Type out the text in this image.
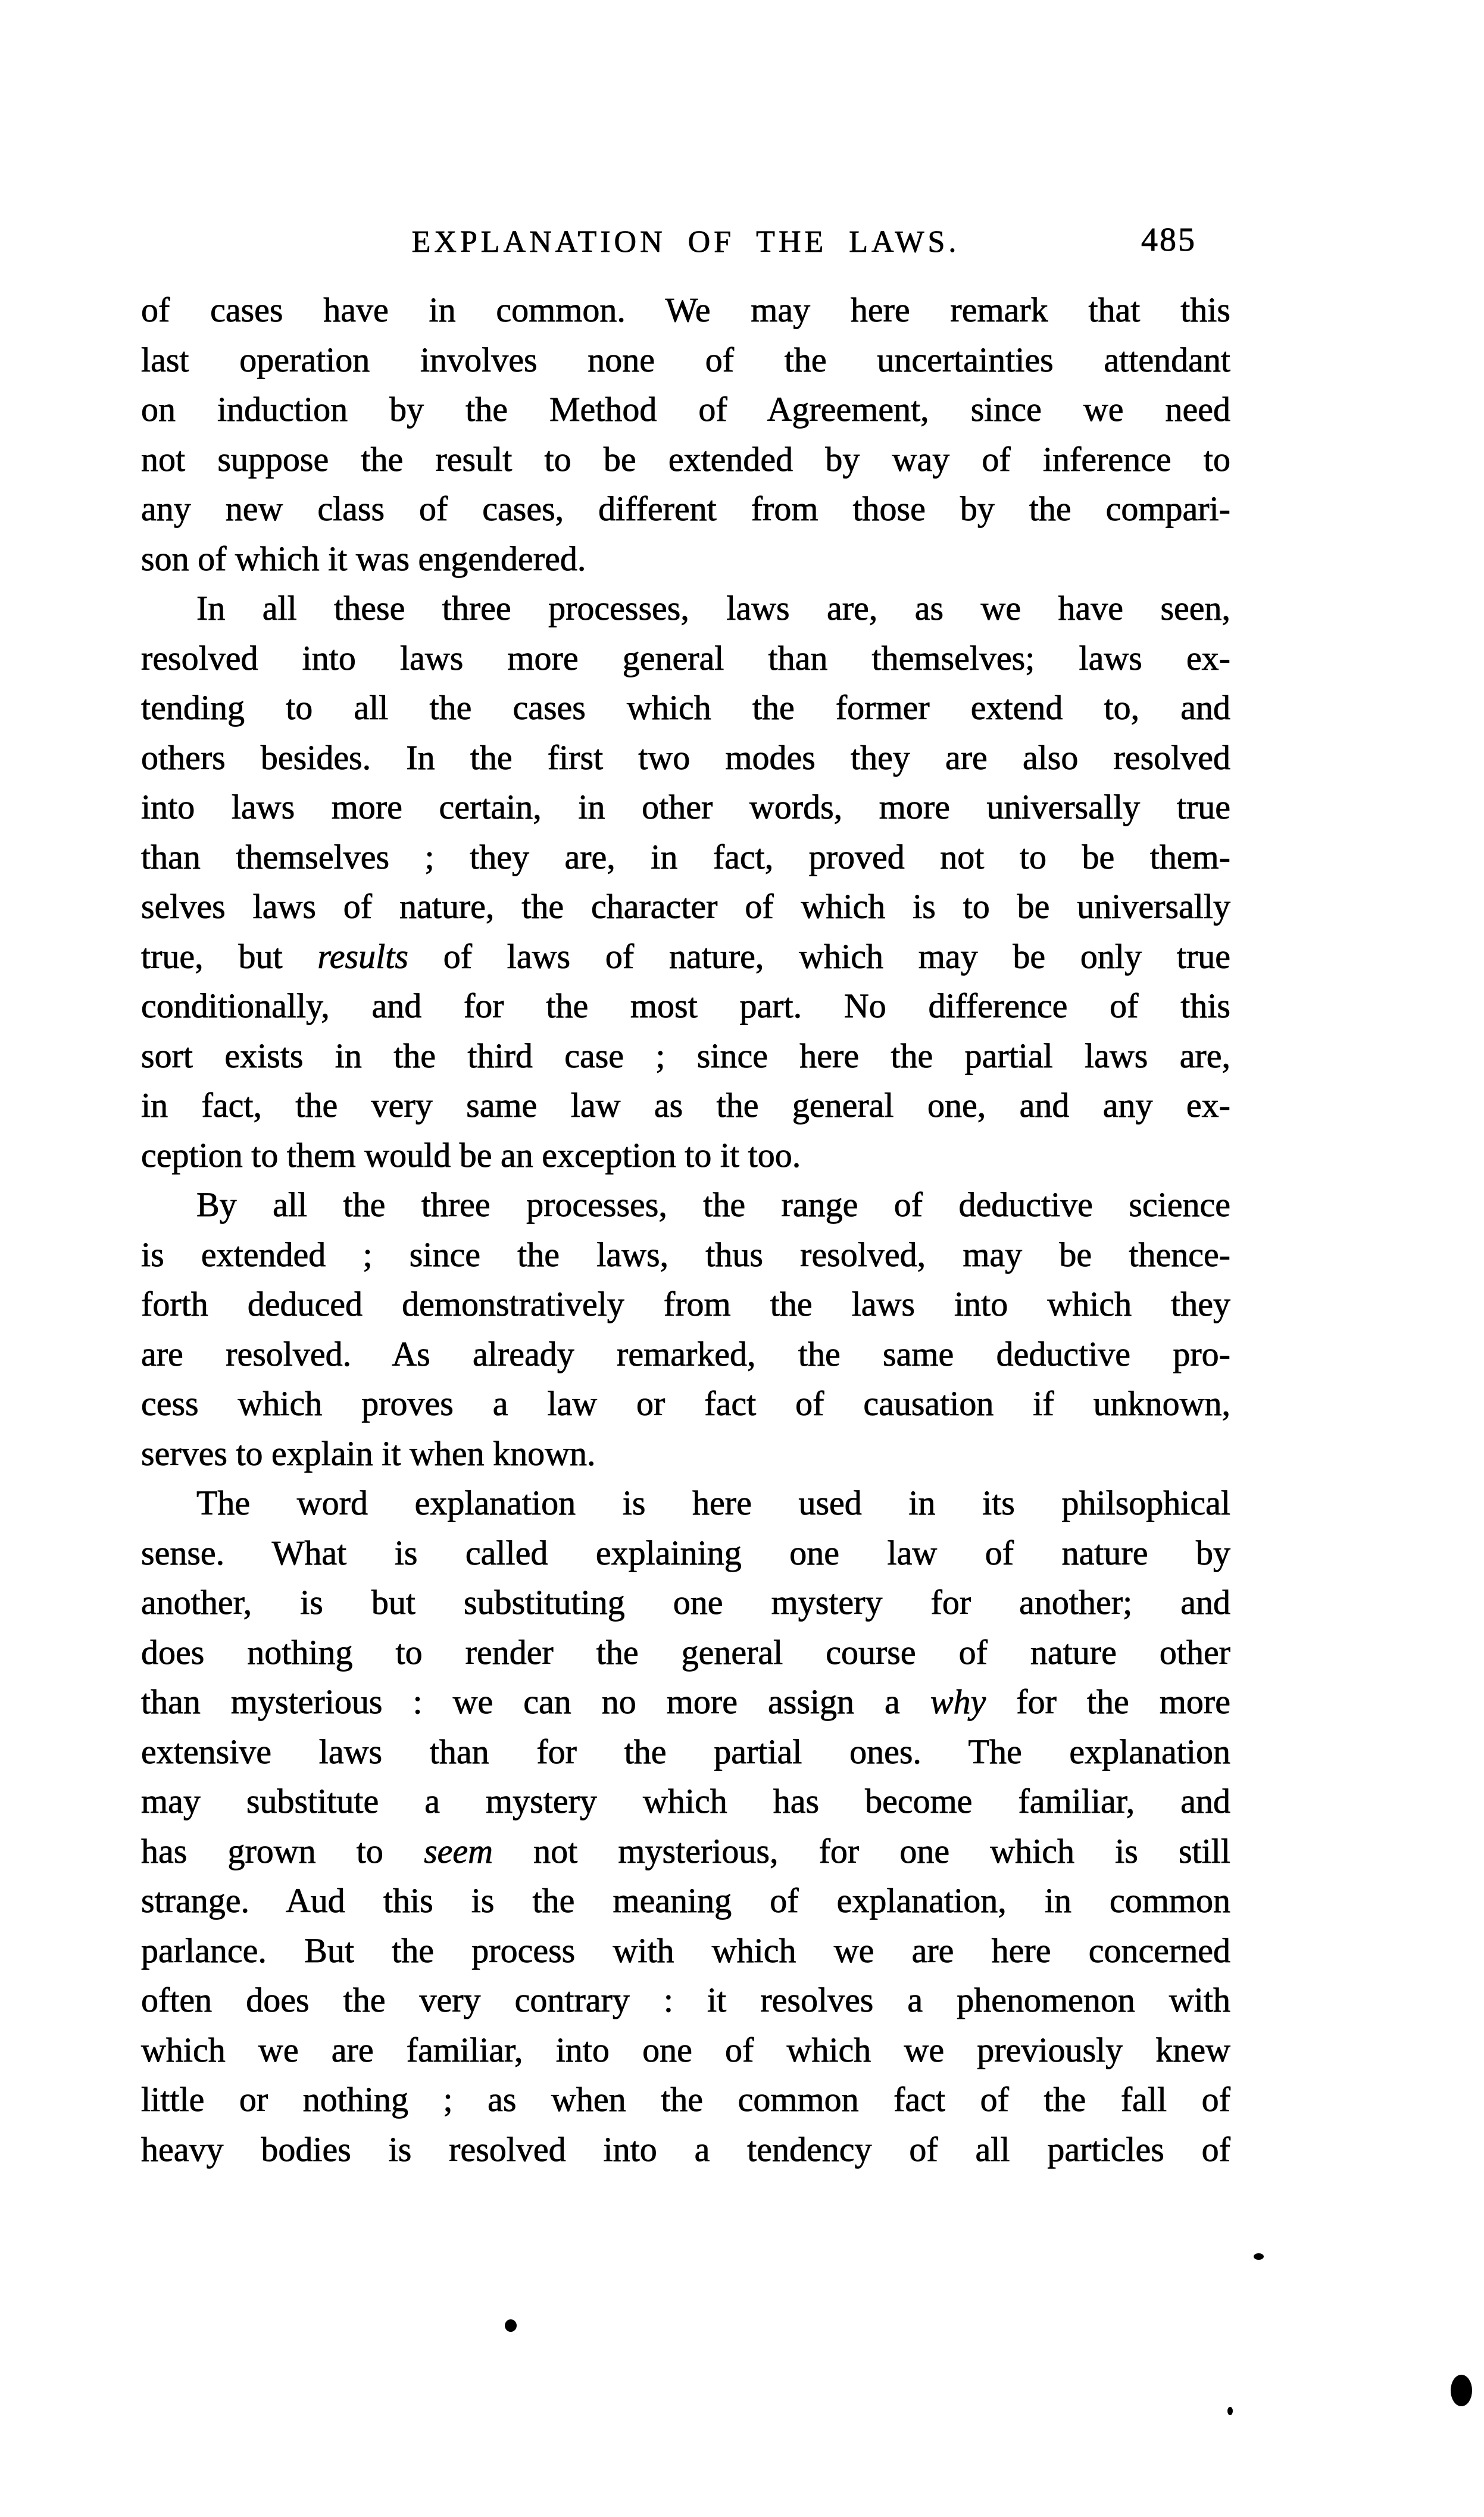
EXPLANATION OF THE LAWS.	485
of cases have in common. We may here remark that this
last operation involves none of the uncertainties attendant
on induction by the Method of Agreement, since we need
not suppose the result to be extended by way of inference to
any new class of cases, different from those by the compari-
son of which it was engendered.
In all these three processes, laws are, as we have seen,
resolved into laws more general than themselves; laws ex-
tending to all the cases which the former extend to, and
others besides. In the first two modes they are also resolved
into laws more certain, in other words, more universally true
than themselves ; they are, in fact, proved not to be them-
selves laws of nature, the character of which is to be universally
true, but results of laws of nature, which may be only true
conditionally, and for the most part. No difference of this
sort exists in the third case ; since here the partial laws are,
in fact, the very same law as the general one, and any ex-
ception to them would be an exception to it too.
By all the three processes, the range of deductive science
is extended ; since the laws, thus resolved, may be thence-
forth deduced demonstratively from the laws into which they
are resolved. As already remarked, the same deductive pro-
cess which proves a law or fact of causation if unknown,
serves to explain it when known.
The word explanation is here used in its philsophical
sense. What is called explaining one law of nature by
another, is but substituting one mystery for another; and
does nothing to render the general course of nature other
than mysterious : we can no more assign a why for the more
extensive laws than for the partial ones. The explanation
may substitute a mystery which has become familiar, and
has grown to seem not mysterious, for one which is still
strange. Aud this is the meaning of explanation, in common
parlance. But the process with which we are here concerned
often does the very contrary : it resolves a phenomenon with
which we are familiar, into one of which we previously knew
little or nothing ; as when the common fact of the fall of
heavy bodies is resolved into a tendency of all particles of
